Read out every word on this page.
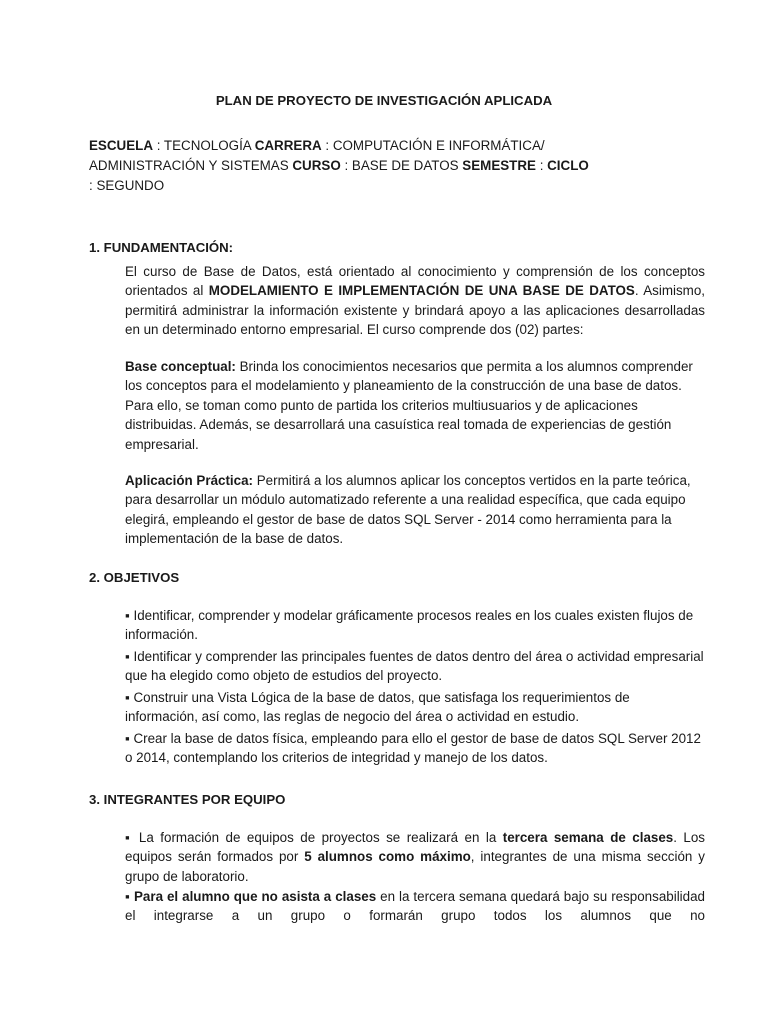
PLAN DE PROYECTO DE INVESTIGACIÓN APLICADA
ESCUELA : TECNOLOGÍA CARRERA : COMPUTACIÓN E INFORMÁTICA/
ADMINISTRACIÓN Y SISTEMAS CURSO : BASE DE DATOS SEMESTRE : CICLO
: SEGUNDO
1. FUNDAMENTACIÓN:
El curso de Base de Datos, está orientado al conocimiento y comprensión de los conceptos orientados al MODELAMIENTO E IMPLEMENTACIÓN DE UNA BASE DE DATOS. Asimismo, permitirá administrar la información existente y brindará apoyo a las aplicaciones desarrolladas en un determinado entorno empresarial. El curso comprende dos (02) partes:
Base conceptual: Brinda los conocimientos necesarios que permita a los alumnos comprender los conceptos para el modelamiento y planeamiento de la construcción de una base de datos. Para ello, se toman como punto de partida los criterios multiusuarios y de aplicaciones distribuidas. Además, se desarrollará una casuística real tomada de experiencias de gestión empresarial.
Aplicación Práctica: Permitirá a los alumnos aplicar los conceptos vertidos en la parte teórica, para desarrollar un módulo automatizado referente a una realidad específica, que cada equipo elegirá, empleando el gestor de base de datos SQL Server - 2014 como herramienta para la implementación de la base de datos.
2. OBJETIVOS
▪ Identificar, comprender y modelar gráficamente procesos reales en los cuales existen flujos de información.
▪ Identificar y comprender las principales fuentes de datos dentro del área o actividad empresarial que ha elegido como objeto de estudios del proyecto.
▪ Construir una Vista Lógica de la base de datos, que satisfaga los requerimientos de información, así como, las reglas de negocio del área o actividad en estudio.
▪ Crear la base de datos física, empleando para ello el gestor de base de datos SQL Server 2012 o 2014, contemplando los criterios de integridad y manejo de los datos.
3. INTEGRANTES POR EQUIPO
▪ La formación de equipos de proyectos se realizará en la tercera semana de clases. Los equipos serán formados por 5 alumnos como máximo, integrantes de una misma sección y grupo de laboratorio.
▪ Para el alumno que no asista a clases en la tercera semana quedará bajo su responsabilidad el integrarse a un grupo o formarán grupo todos los alumnos que no
